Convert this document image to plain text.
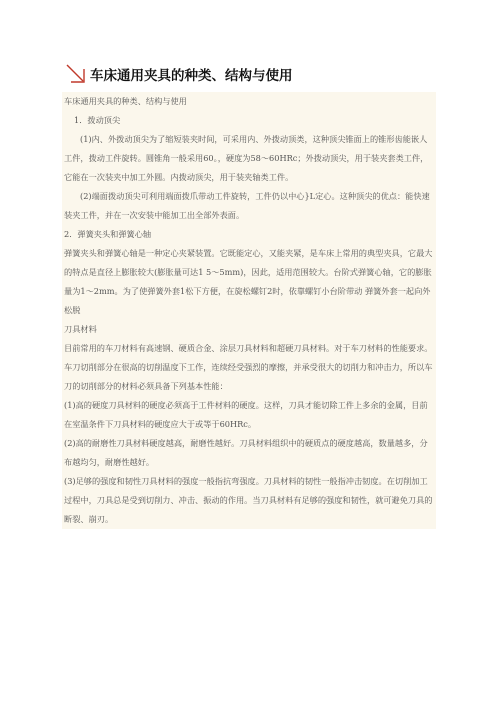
车床通用夹具的种类、结构与使用

车床通用夹具的种类、结构与使用

1．拨动顶尖

(1)内、外拨动顶尖为了缩短装夹时间，可采用内、外拨动顶类，这种顶尖锥面上的锥形齿能嵌人工件，拨动工件旋转。圆锥角一般采用60。，硬度为58～60HRc；外拨动顶尖，用于装夹套类工件，它能在一次装夹中加工外圆。内拨动顶尖，用于装夹轴类工件。

(2)端面拨动顶尖可利用端面拨爪带动工件旋转，工件仍以中心}L定心。这种顶尖的优点：能快速装夹工件，并在一次安装中能加工出全部外表面。

2．弹簧夹头和弹簧心轴

弹簧夹头和弹簧心轴是一种定心夹紧装置。它既能定心，又能夹紧，是车床上常用的典型夹具，它最大的特点是直径上膨胀较大(膨胀量可达1 5～5mm)，因此，适用范围较大。台阶式弹簧心轴，它的膨胀量为1～2mm。为了使弹簧外套1松下方便，在旋松螺钉2时，依靠螺钉小台阶带动 弹簧外套一起向外松脱

刀具材料

目前常用的车刀材料有高速钢、硬质合金、涂层刀具材料和超硬刀具材料。对于车刀材料的性能要求。车刀切削部分在很高的切削温度下工作，连续经受强烈的摩擦，并承受很大的切削力和冲击力，所以车刀的切削部分的材料必须具备下列基本性能：

(1)高的硬度刀具材料的硬度必须高于工件材料的硬度。这样，刀具才能切除工件上多余的金属，目前在室温条件下刀具材料的硬度应大于或等于60HRc。

(2)高的耐磨性刀具材料硬度越高，耐磨性越好。刀具材料组织中的硬质点的硬度越高，数量越多，分布越均匀，耐磨性越好。

(3)足够的强度和韧性刀具材料的强度一般指抗弯强度。刀具材料的韧性一般指冲击韧度。在切削加工过程中，刀具总是受到切削力、冲击、振动的作用。当刀具材料有足够的强度和韧性，就可避免刀具的断裂、崩刃。
